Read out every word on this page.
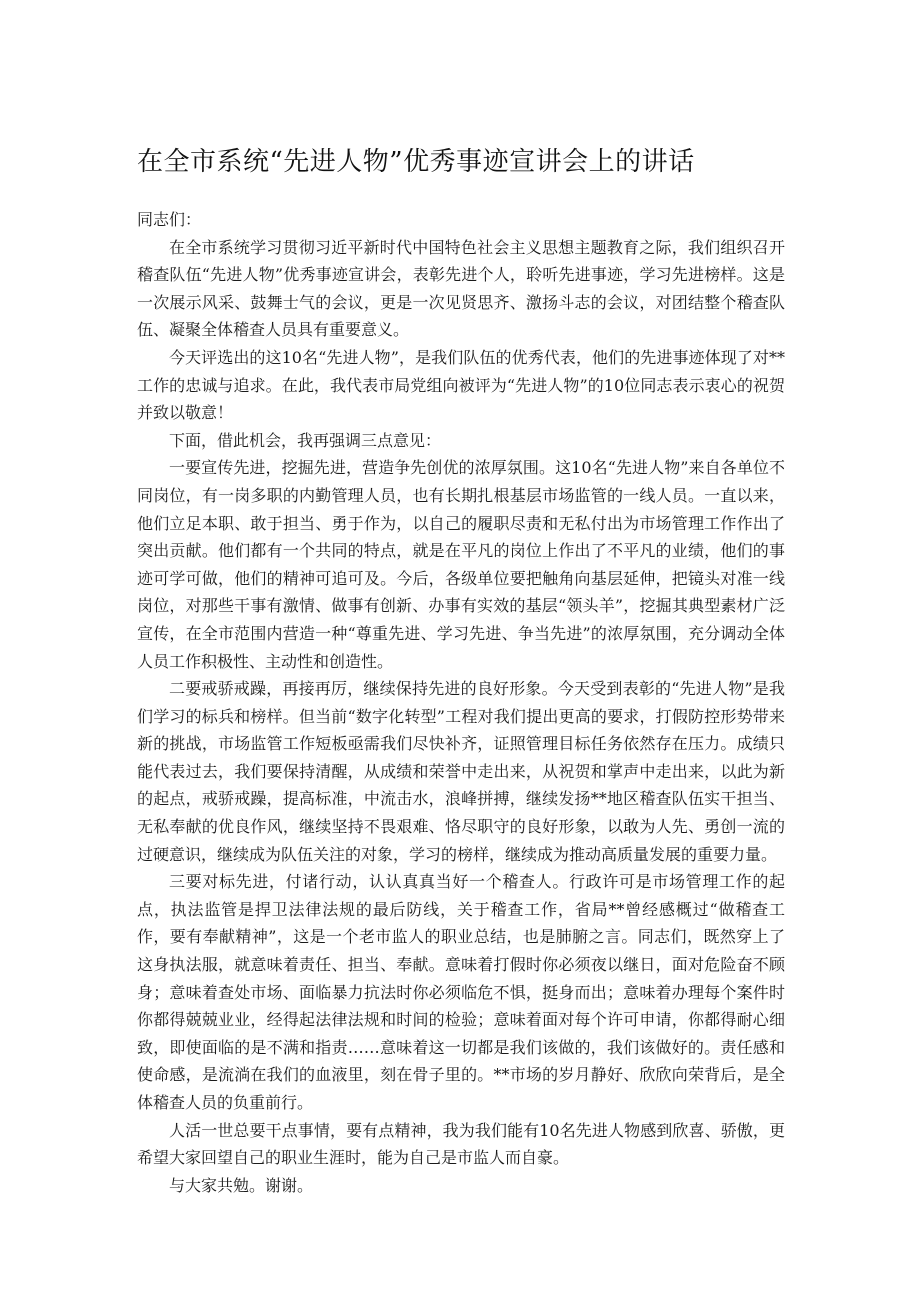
在全市系统“先进人物”优秀事迹宣讲会上的讲话

同志们：

在全市系统学习贯彻习近平新时代中国特色社会主义思想主题教育之际，我们组织召开稽查队伍“先进人物”优秀事迹宣讲会，表彰先进个人，聆听先进事迹，学习先进榜样。这是一次展示风采、鼓舞士气的会议，更是一次见贤思齐、激扬斗志的会议，对团结整个稽查队伍、凝聚全体稽查人员具有重要意义。

今天评选出的这10名“先进人物”，是我们队伍的优秀代表，他们的先进事迹体现了对**工作的忠诚与追求。在此，我代表市局党组向被评为“先进人物”的10位同志表示衷心的祝贺并致以敬意！

下面，借此机会，我再强调三点意见：

一要宣传先进，挖掘先进，营造争先创优的浓厚氛围。这10名“先进人物”来自各单位不同岗位，有一岗多职的内勤管理人员，也有长期扎根基层市场监管的一线人员。一直以来，他们立足本职、敢于担当、勇于作为，以自己的履职尽责和无私付出为市场管理工作作出了突出贡献。他们都有一个共同的特点，就是在平凡的岗位上作出了不平凡的业绩，他们的事迹可学可做，他们的精神可追可及。今后，各级单位要把触角向基层延伸，把镜头对准一线岗位，对那些干事有激情、做事有创新、办事有实效的基层“领头羊”，挖掘其典型素材广泛宣传，在全市范围内营造一种“尊重先进、学习先进、争当先进”的浓厚氛围，充分调动全体人员工作积极性、主动性和创造性。

二要戒骄戒躁，再接再厉，继续保持先进的良好形象。今天受到表彰的“先进人物”是我们学习的标兵和榜样。但当前“数字化转型”工程对我们提出更高的要求，打假防控形势带来新的挑战，市场监管工作短板亟需我们尽快补齐，证照管理目标任务依然存在压力。成绩只能代表过去，我们要保持清醒，从成绩和荣誉中走出来，从祝贺和掌声中走出来，以此为新的起点，戒骄戒躁，提高标准，中流击水，浪峰拼搏，继续发扬**地区稽查队伍实干担当、无私奉献的优良作风，继续坚持不畏艰难、恪尽职守的良好形象，以敢为人先、勇创一流的过硬意识，继续成为队伍关注的对象，学习的榜样，继续成为推动高质量发展的重要力量。

三要对标先进，付诸行动，认认真真当好一个稽查人。行政许可是市场管理工作的起点，执法监管是捍卫法律法规的最后防线，关于稽查工作，省局**曾经感概过“做稽查工作，要有奉献精神”，这是一个老市监人的职业总结，也是肺腑之言。同志们，既然穿上了这身执法服，就意味着责任、担当、奉献。意味着打假时你必须夜以继日，面对危险奋不顾身；意味着查处市场、面临暴力抗法时你必须临危不惧，挺身而出；意味着办理每个案件时你都得兢兢业业，经得起法律法规和时间的检验；意味着面对每个许可申请，你都得耐心细致，即使面临的是不满和指责……意味着这一切都是我们该做的，我们该做好的。责任感和使命感，是流淌在我们的血液里，刻在骨子里的。**市场的岁月静好、欣欣向荣背后，是全体稽查人员的负重前行。

人活一世总要干点事情，要有点精神，我为我们能有10名先进人物感到欣喜、骄傲，更希望大家回望自己的职业生涯时，能为自己是市监人而自豪。

与大家共勉。谢谢。
